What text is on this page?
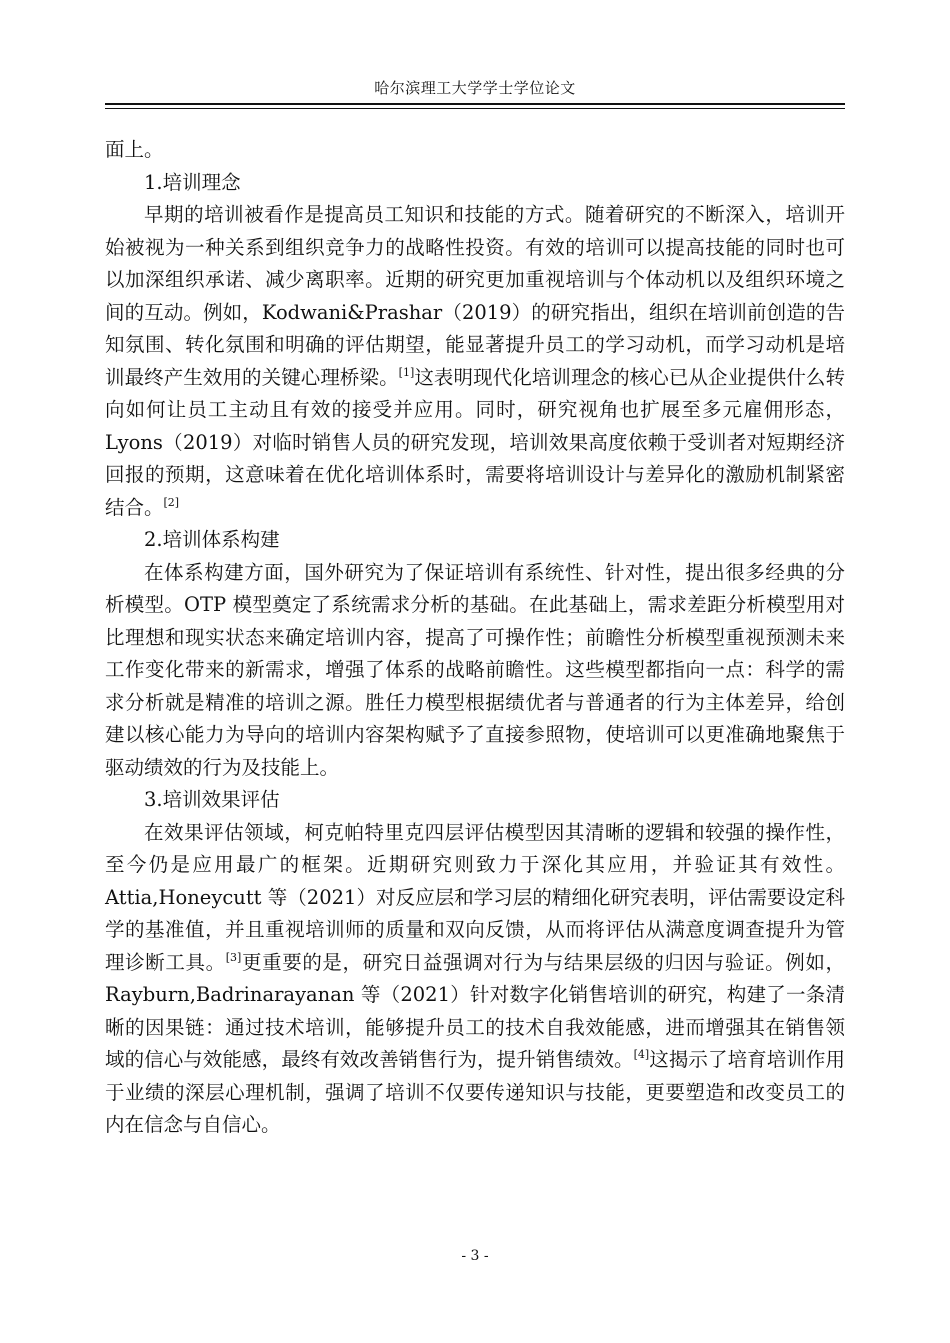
哈尔滨理工大学学士学位论文

面上。

1.培训理念

早期的培训被看作是提高员工知识和技能的方式。随着研究的不断深入，培训开始被视为一种关系到组织竞争力的战略性投资。有效的培训可以提高技能的同时也可以加深组织承诺、减少离职率。近期的研究更加重视培训与个体动机以及组织环境之间的互动。例如，Kodwani&Prashar（2019）的研究指出，组织在培训前创造的告知氛围、转化氛围和明确的评估期望，能显著提升员工的学习动机，而学习动机是培训最终产生效用的关键心理桥梁。[1]这表明现代化培训理念的核心已从企业提供什么转向如何让员工主动且有效的接受并应用。同时，研究视角也扩展至多元雇佣形态，Lyons（2019）对临时销售人员的研究发现，培训效果高度依赖于受训者对短期经济回报的预期，这意味着在优化培训体系时，需要将培训设计与差异化的激励机制紧密结合。[2]

2.培训体系构建

在体系构建方面，国外研究为了保证培训有系统性、针对性，提出很多经典的分析模型。OTP 模型奠定了系统需求分析的基础。在此基础上，需求差距分析模型用对比理想和现实状态来确定培训内容，提高了可操作性；前瞻性分析模型重视预测未来工作变化带来的新需求，增强了体系的战略前瞻性。这些模型都指向一点：科学的需求分析就是精准的培训之源。胜任力模型根据绩优者与普通者的行为主体差异，给创建以核心能力为导向的培训内容架构赋予了直接参照物，使培训可以更准确地聚焦于驱动绩效的行为及技能上。

3.培训效果评估

在效果评估领域，柯克帕特里克四层评估模型因其清晰的逻辑和较强的操作性，至今仍是应用最广的框架。近期研究则致力于深化其应用，并验证其有效性。Attia,Honeycutt 等（2021）对反应层和学习层的精细化研究表明，评估需要设定科学的基准值，并且重视培训师的质量和双向反馈，从而将评估从满意度调查提升为管理诊断工具。[3]更重要的是，研究日益强调对行为与结果层级的归因与验证。例如，Rayburn,Badrinarayanan 等（2021）针对数字化销售培训的研究，构建了一条清晰的因果链：通过技术培训，能够提升员工的技术自我效能感，进而增强其在销售领域的信心与效能感，最终有效改善销售行为，提升销售绩效。[4]这揭示了培育培训作用于业绩的深层心理机制，强调了培训不仅要传递知识与技能，更要塑造和改变员工的内在信念与自信心。

- 3 -
